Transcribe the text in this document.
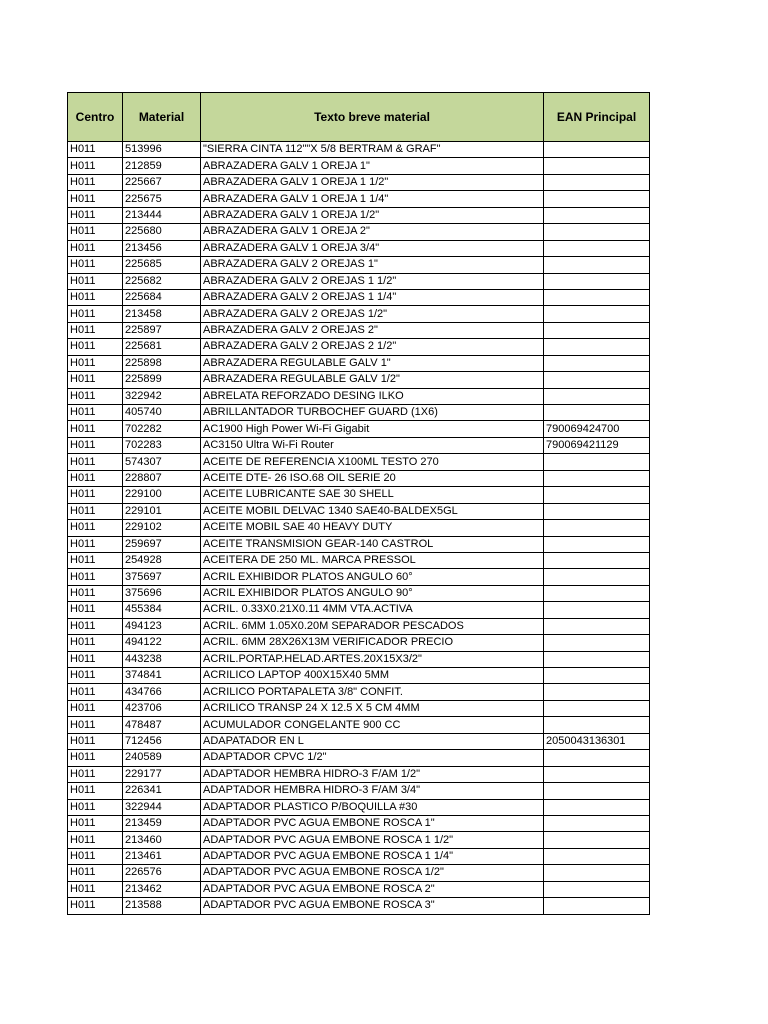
Centro	Material	Texto breve material	EAN Principal
H011	513996	"SIERRA CINTA 112""X 5/8 BERTRAM & GRAF"	
H011	212859	ABRAZADERA GALV 1 OREJA 1"	
H011	225667	ABRAZADERA GALV 1 OREJA 1 1/2"	
H011	225675	ABRAZADERA GALV 1 OREJA 1 1/4"	
H011	213444	ABRAZADERA GALV 1 OREJA 1/2"	
H011	225680	ABRAZADERA GALV 1 OREJA 2"	
H011	213456	ABRAZADERA GALV 1 OREJA 3/4"	
H011	225685	ABRAZADERA GALV 2 OREJAS 1"	
H011	225682	ABRAZADERA GALV 2 OREJAS 1 1/2"	
H011	225684	ABRAZADERA GALV 2 OREJAS 1 1/4"	
H011	213458	ABRAZADERA GALV 2 OREJAS 1/2"	
H011	225897	ABRAZADERA GALV 2 OREJAS 2"	
H011	225681	ABRAZADERA GALV 2 OREJAS 2 1/2"	
H011	225898	ABRAZADERA REGULABLE GALV 1"	
H011	225899	ABRAZADERA REGULABLE GALV 1/2"	
H011	322942	ABRELATA REFORZADO DESING ILKO	
H011	405740	ABRILLANTADOR TURBOCHEF GUARD (1X6)	
H011	702282	AC1900 High Power Wi-Fi Gigabit	790069424700
H011	702283	AC3150 Ultra Wi-Fi Router	790069421129
H011	574307	ACEITE DE REFERENCIA X100ML TESTO 270	
H011	228807	ACEITE DTE- 26 ISO.68 OIL SERIE 20	
H011	229100	ACEITE LUBRICANTE SAE 30 SHELL	
H011	229101	ACEITE MOBIL DELVAC 1340 SAE40-BALDEX5GL	
H011	229102	ACEITE MOBIL SAE 40 HEAVY DUTY	
H011	259697	ACEITE TRANSMISION GEAR-140 CASTROL	
H011	254928	ACEITERA DE 250 ML. MARCA PRESSOL	
H011	375697	ACRIL EXHIBIDOR PLATOS ANGULO 60°	
H011	375696	ACRIL EXHIBIDOR PLATOS ANGULO 90°	
H011	455384	ACRIL. 0.33X0.21X0.11 4MM VTA.ACTIVA	
H011	494123	ACRIL. 6MM 1.05X0.20M SEPARADOR PESCADOS	
H011	494122	ACRIL. 6MM 28X26X13M VERIFICADOR PRECIO	
H011	443238	ACRIL.PORTAP.HELAD.ARTES.20X15X3/2"	
H011	374841	ACRILICO LAPTOP 400X15X40 5MM	
H011	434766	ACRILICO PORTAPALETA 3/8" CONFIT.	
H011	423706	ACRILICO TRANSP 24 X 12.5 X 5 CM 4MM	
H011	478487	ACUMULADOR CONGELANTE 900 CC	
H011	712456	ADAPATADOR EN L	2050043136301
H011	240589	ADAPTADOR CPVC 1/2"	
H011	229177	ADAPTADOR HEMBRA HIDRO-3 F/AM 1/2"	
H011	226341	ADAPTADOR HEMBRA HIDRO-3 F/AM 3/4"	
H011	322944	ADAPTADOR PLASTICO P/BOQUILLA #30	
H011	213459	ADAPTADOR PVC AGUA EMBONE ROSCA 1"	
H011	213460	ADAPTADOR PVC AGUA EMBONE ROSCA 1 1/2"	
H011	213461	ADAPTADOR PVC AGUA EMBONE ROSCA 1 1/4"	
H011	226576	ADAPTADOR PVC AGUA EMBONE ROSCA 1/2"	
H011	213462	ADAPTADOR PVC AGUA EMBONE ROSCA 2"	
H011	213588	ADAPTADOR PVC AGUA EMBONE ROSCA 3"	
